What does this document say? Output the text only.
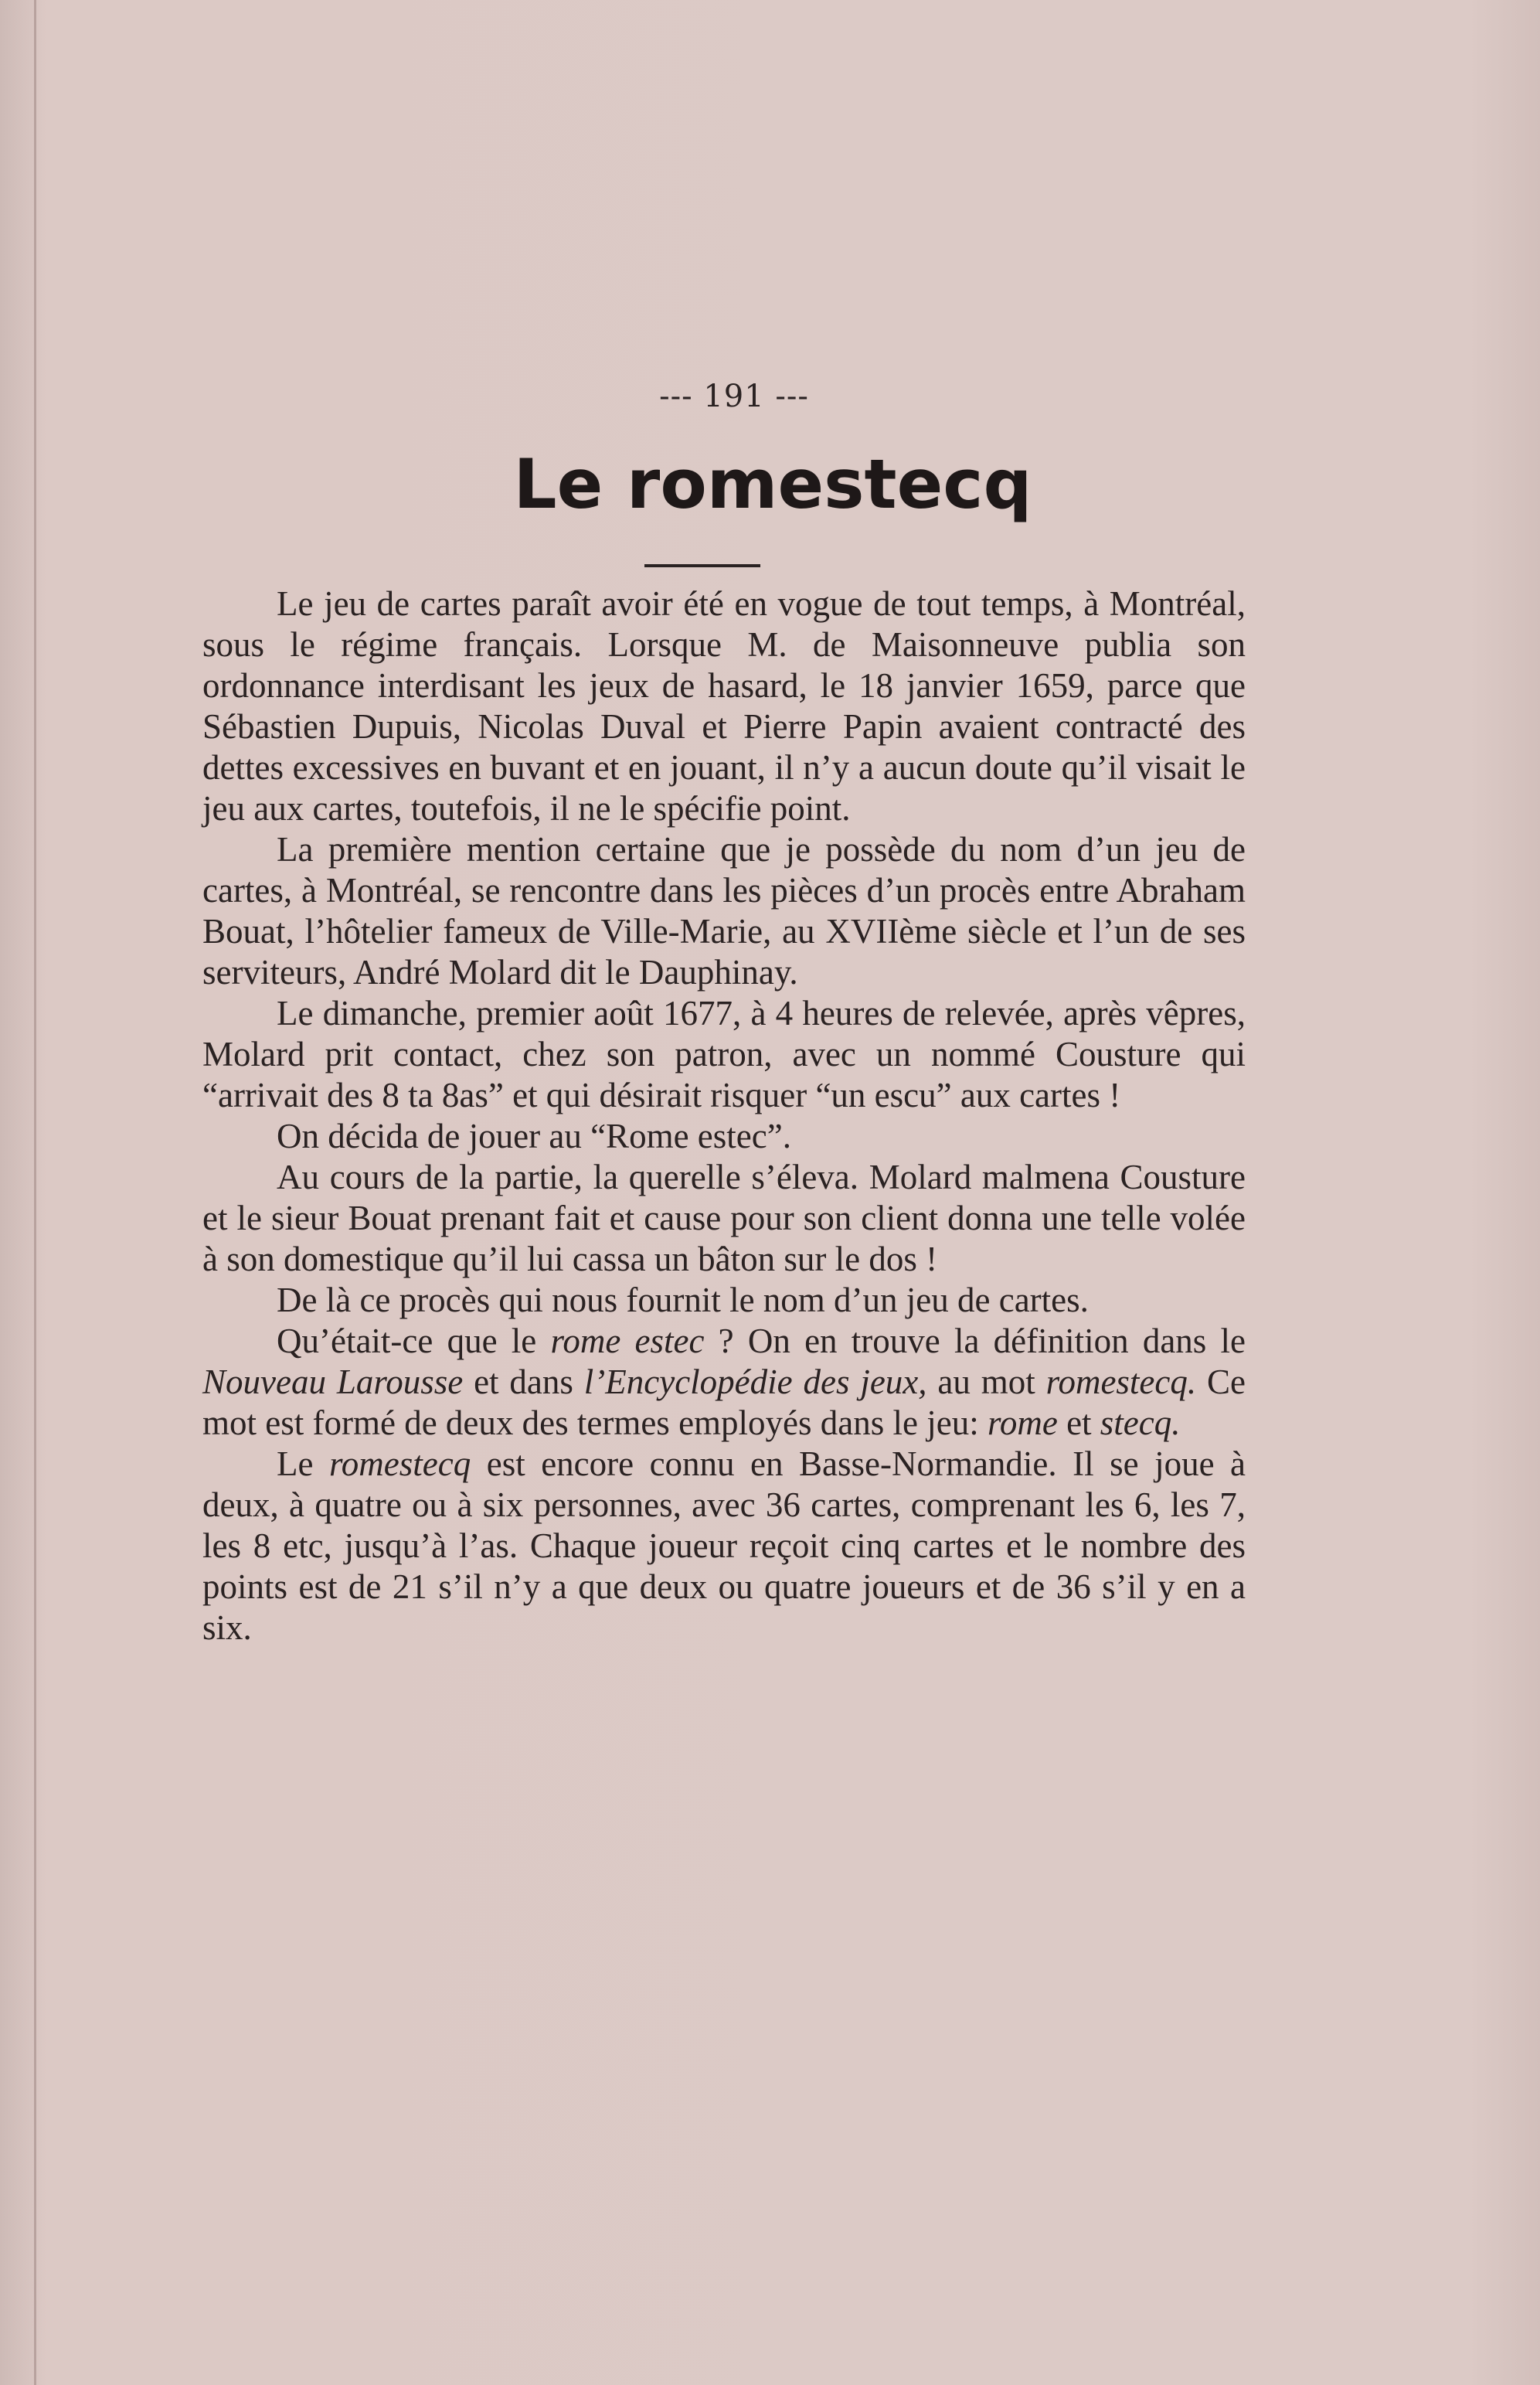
--- 191 ---
Le romestecq

Le jeu de cartes paraît avoir été en vogue de tout temps, à Montréal, sous le régime français. Lorsque M. de Maisonneuve publia son ordonnance interdisant les jeux de hasard, le 18 janvier 1659, parce que Sébastien Dupuis, Nicolas Duval et Pierre Papin avaient contracté des dettes excessives en buvant et en jouant, il n’y a aucun doute qu’il visait le jeu aux cartes, toutefois, il ne le spécifie point.

La première mention certaine que je possède du nom d’un jeu de cartes, à Montréal, se rencontre dans les pièces d’un procès entre Abraham Bouat, l’hôtelier fameux de Ville-Marie, au XVIIème siècle et l’un de ses serviteurs, André Molard dit le Dauphinay.

Le dimanche, premier août 1677, à 4 heures de relevée, après vêpres, Molard prit contact, chez son patron, avec un nommé Cousture qui “arrivait des 8 ta 8as” et qui désirait risquer “un escu” aux cartes !

On décida de jouer au “Rome estec”.

Au cours de la partie, la querelle s’éleva. Molard malmena Cousture et le sieur Bouat prenant fait et cause pour son client donna une telle volée à son domestique qu’il lui cassa un bâton sur le dos !

De là ce procès qui nous fournit le nom d’un jeu de cartes.

Qu’était-ce que le rome estec ? On en trouve la définition dans le Nouveau Larousse et dans l’Encyclopédie des jeux, au mot romestecq. Ce mot est formé de deux des termes employés dans le jeu: rome et stecq.

Le romestecq est encore connu en Basse-Normandie. Il se joue à deux, à quatre ou à six personnes, avec 36 cartes, comprenant les 6, les 7, les 8 etc, jusqu’à l’as. Chaque joueur reçoit cinq cartes et le nombre des points est de 21 s’il n’y a que deux ou quatre joueurs et de 36 s’il y en a six.
